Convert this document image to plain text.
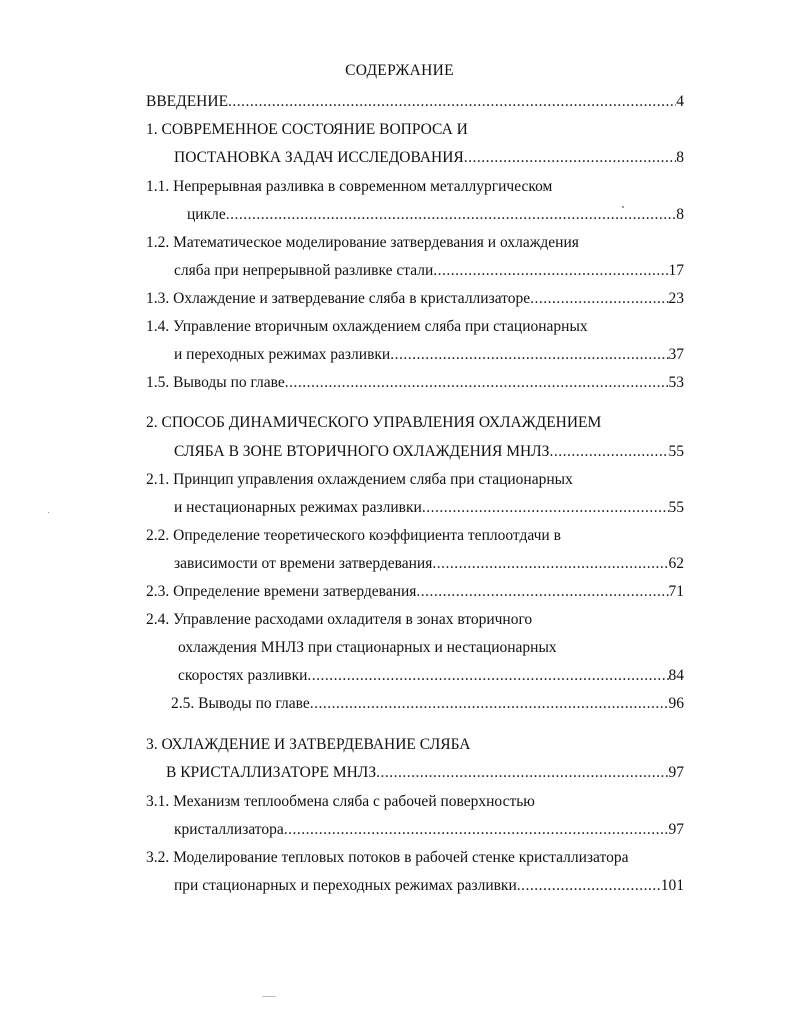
СОДЕРЖАНИЕ
ВВЕДЕНИЕ .....	4
1. СОВРЕМЕННОЕ СОСТОЯНИЕ ВОПРОСА И
ПОСТАНОВКА ЗАДАЧ ИССЛЕДОВАНИЯ .....	8
1.1. Непрерывная разливка в современном металлургическом
цикле .....	8
1.2. Математическое моделирование затвердевания и охлаждения
сляба при непрерывной разливке стали .....	17
1.3. Охлаждение и затвердевание сляба в кристаллизаторе .....	23
1.4. Управление вторичным охлаждением сляба при стационарных
и переходных режимах разливки .....	37
1.5. Выводы по главе .....	53
2. СПОСОБ ДИНАМИЧЕСКОГО УПРАВЛЕНИЯ ОХЛАЖДЕНИЕМ
СЛЯБА В ЗОНЕ ВТОРИЧНОГО ОХЛАЖДЕНИЯ МНЛЗ .....	55
2.1. Принцип управления охлаждением сляба при стационарных
и нестационарных режимах разливки .....	55
2.2. Определение теоретического коэффициента теплоотдачи в
зависимости от времени затвердевания .....	62
2.3. Определение времени затвердевания .....	71
2.4. Управление расходами охладителя в зонах вторичного
охлаждения МНЛЗ при стационарных и нестационарных
скоростях разливки .....	84
2.5. Выводы по главе .....	96
3. ОХЛАЖДЕНИЕ И ЗАТВЕРДЕВАНИЕ СЛЯБА
В КРИСТАЛЛИЗАТОРЕ МНЛЗ .....	97
3.1. Механизм теплообмена сляба с рабочей поверхностью
кристаллизатора .....	97
3.2. Моделирование тепловых потоков в рабочей стенке кристаллизатора
при стационарных и переходных режимах разливки .....	101
